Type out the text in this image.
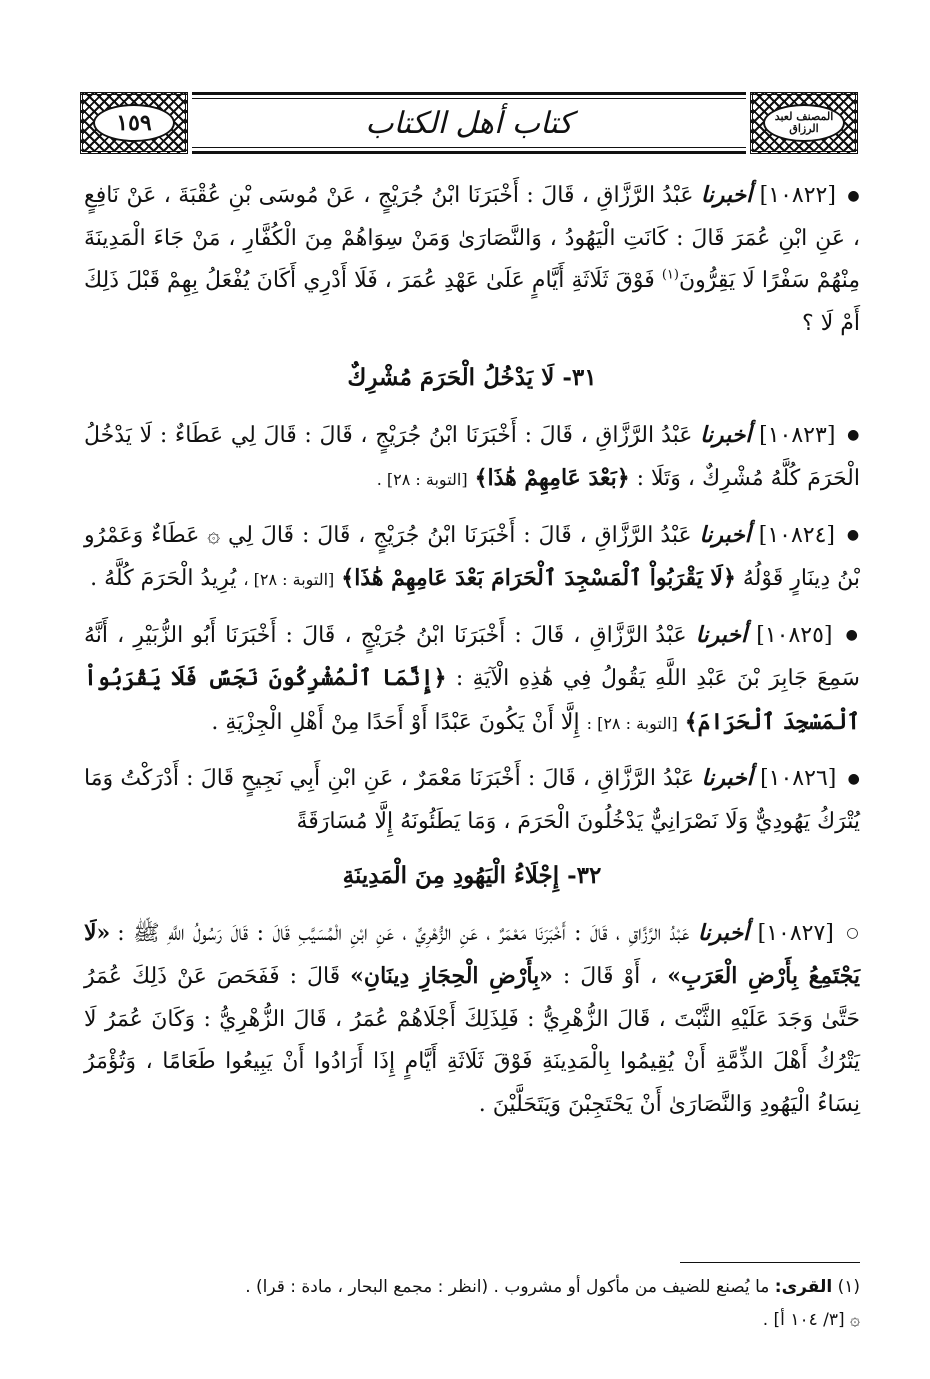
١٥٩	كتاب أهل الكتاب	المصنف لعبد الرزاق

● [١٠٨٢٢] أخبرنا عَبْدُ الرَّزَّاقِ ، قَالَ : أَخْبَرَنَا ابْنُ جُرَيْجٍ ، عَنْ مُوسَى بْنِ عُقْبَةَ ، عَنْ نَافِعٍ ، عَنِ ابْنِ عُمَرَ قَالَ : كَانَتِ الْيَهُودُ ، وَالنَّصَارَىٰ وَمَنْ سِوَاهُمْ مِنَ الْكُفَّارِ ، مَنْ جَاءَ الْمَدِينَةَ مِنْهُمْ سَفْرًا لَا يَقِرُّونَ$^{(١)}$ فَوْقَ ثَلَاثَةِ أَيَّامٍ عَلَىٰ عَهْدِ عُمَرَ ، فَلَا أَدْرِي أَكَانَ يُفْعَلُ بِهِمْ قَبْلَ ذَلِكَ أَمْ لَا ؟

٣١- لَا يَدْخُلُ الْحَرَمَ مُشْرِكٌ

● [١٠٨٢٣] أخبرنا عَبْدُ الرَّزَّاقِ ، قَالَ : أَخْبَرَنَا ابْنُ جُرَيْجٍ ، قَالَ : قَالَ لِي عَطَاءٌ : لَا يَدْخُلُ الْحَرَمَ كُلَّهُ مُشْرِكٌ ، وَتَلَا : ﴿بَعْدَ عَامِهِمْ هَٰذَا﴾ [التوبة : ٢٨] .

● [١٠٨٢٤] أخبرنا عَبْدُ الرَّزَّاقِ ، قَالَ : أَخْبَرَنَا ابْنُ جُرَيْجٍ ، قَالَ : قَالَ لِي ۞ عَطَاءٌ وَعَمْرُو بْنُ دِينَارٍ قَوْلُهُ ﴿لَا يَقْرَبُواْ ٱلْمَسْجِدَ ٱلْحَرَامَ بَعْدَ عَامِهِمْ هَٰذَا﴾ [التوبة : ٢٨] ، يُرِيدُ الْحَرَمَ كُلَّهُ .

● [١٠٨٢٥] أخبرنا عَبْدُ الرَّزَّاقِ ، قَالَ : أَخْبَرَنَا ابْنُ جُرَيْجٍ ، قَالَ : أَخْبَرَنَا أَبُو الزُّبَيْرِ ، أَنَّهُ سَمِعَ جَابِرَ بْنَ عَبْدِ اللَّهِ يَقُولُ فِي هَٰذِهِ الْآيَةِ : ﴿إِنَّمَا ٱلْمُشْرِكُونَ نَجَسٌ فَلَا يَقْرَبُواْ ٱلْمَسْجِدَ ٱلْحَرَامَ﴾ [التوبة : ٢٨] : إِلَّا أَنْ يَكُونَ عَبْدًا أَوْ أَحَدًا مِنْ أَهْلِ الْجِزْيَةِ .

● [١٠٨٢٦] أخبرنا عَبْدُ الرَّزَّاقِ ، قَالَ : أَخْبَرَنَا مَعْمَرٌ ، عَنِ ابْنِ أَبِي نَجِيحٍ قَالَ : أَدْرَكْتُ وَمَا يُتْرَكُ يَهُودِيٌّ وَلَا نَصْرَانِيٌّ يَدْخُلُونَ الْحَرَمَ ، وَمَا يَطَئُونَهُ إِلَّا مُسَارَقَةً

٣٢- إِجْلَاءُ الْيَهُودِ مِنَ الْمَدِينَةِ

○ [١٠٨٢٧] أخبرنا عَبْدُ الرَّزَّاقِ ، قَالَ : أَخْبَرَنَا مَعْمَرٌ ، عَنِ الزُّهْرِيِّ ، عَنِ ابْنِ الْمُسَيَّبِ قَالَ : قَالَ رَسُولُ اللَّهِ ﷺ : «لَا يَجْتَمِعُ بِأَرْضِ الْعَرَبِ» ، أَوْ قَالَ : «بِأَرْضِ الْحِجَازِ دِينَانِ» قَالَ : فَفَحَصَ عَنْ ذَلِكَ عُمَرُ حَتَّىٰ وَجَدَ عَلَيْهِ الثَّبْتَ ، قَالَ الزُّهْرِيُّ : فَلِذَلِكَ أَجْلَاهُمْ عُمَرُ ، قَالَ الزُّهْرِيُّ : وَكَانَ عُمَرُ لَا يَتْرُكُ أَهْلَ الذِّمَّةِ أَنْ يُقِيمُوا بِالْمَدِينَةِ فَوْقَ ثَلَاثَةِ أَيَّامٍ إِذَا أَرَادُوا أَنْ يَبِيعُوا طَعَامًا ، وَتُؤْمَرُ نِسَاءُ الْيَهُودِ وَالنَّصَارَىٰ أَنْ يَحْتَجِبْنَ وَيَتَحَلَّيْنَ .

(١) القرى: ما يُصنع للضيف من مأكول أو مشروب . (انظر : مجمع البحار ، مادة : قرا) .
۞ [٣/ ١٠٤ أ] .
